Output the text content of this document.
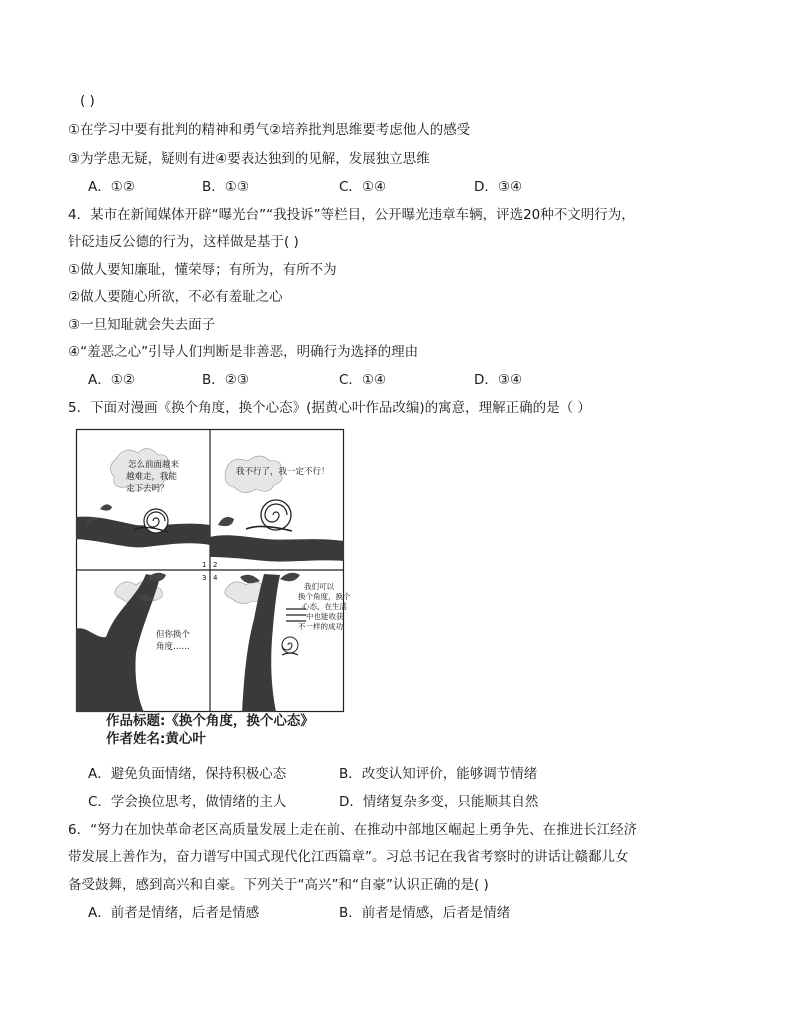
( )
①在学习中要有批判的精神和勇气②培养批判思维要考虑他人的感受
③为学患无疑，疑则有进④要表达独到的见解，发展独立思维
A．①②	B．①③	C．①④	D．③④
4．某市在新闻媒体开辟“曝光台”“我投诉”等栏目，公开曝光违章车辆，评选20种不文明行为，
针砭违反公德的行为，这样做是基于( )
①做人要知廉耻，懂荣辱；有所为，有所不为
②做人要随心所欲，不必有羞耻之心
③一旦知耻就会失去面子
④“羞恶之心”引导人们判断是非善恶，明确行为选择的理由
A．①②	B．②③	C．①④	D．③④
5．下面对漫画《换个角度，换个心态》(据黄心叶作品改编)的寓意，理解正确的是（ ）
怎么前面越来
越难走，我能
走下去吗？
1
我不行了，我一定不行！
2
但你换个
角度……
3
我们可以
换个角度，换个
心态，在生活
中也能收获
不一样的成功
4
作品标题:《换个角度，换个心态》
作者姓名:黄心叶
A．避免负面情绪，保持积极心态	B．改变认知评价，能够调节情绪
C．学会换位思考，做情绪的主人	D．情绪复杂多变，只能顺其自然
6．“努力在加快革命老区高质量发展上走在前、在推动中部地区崛起上勇争先、在推进长江经济
带发展上善作为，奋力谱写中国式现代化江西篇章”。习总书记在我省考察时的讲话让赣鄱儿女
备受鼓舞，感到高兴和自豪。下列关于“高兴”和“自豪”认识正确的是( )
A．前者是情绪，后者是情感	B．前者是情感，后者是情绪
